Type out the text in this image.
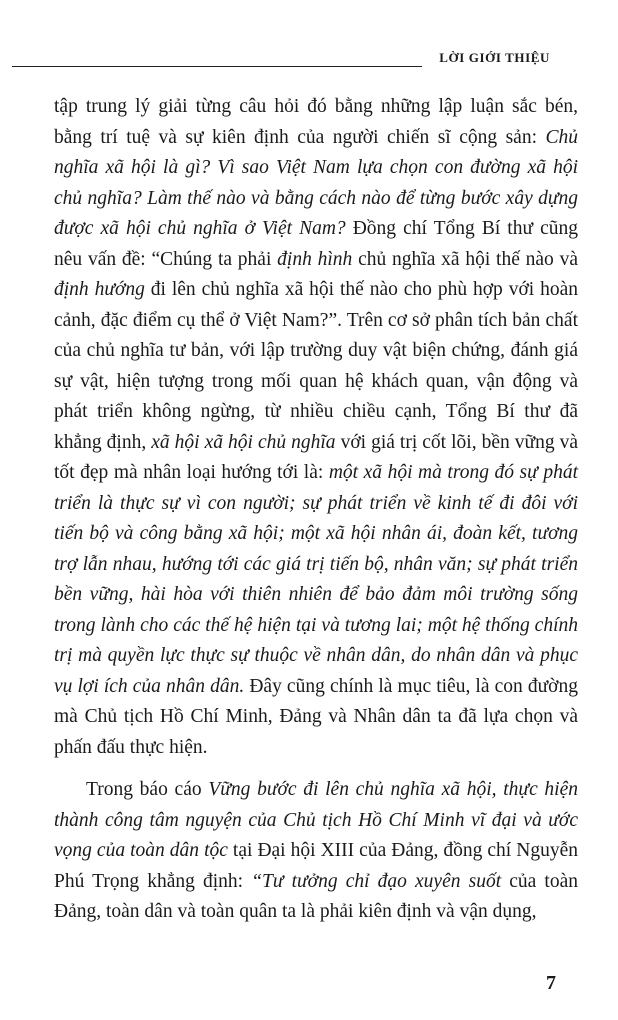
LỜI GIỚI THIỆU

tập trung lý giải từng câu hỏi đó bằng những lập luận sắc bén, bằng trí tuệ và sự kiên định của người chiến sĩ cộng sản: Chủ nghĩa xã hội là gì? Vì sao Việt Nam lựa chọn con đường xã hội chủ nghĩa? Làm thế nào và bằng cách nào để từng bước xây dựng được xã hội chủ nghĩa ở Việt Nam? Đồng chí Tổng Bí thư cũng nêu vấn đề: “Chúng ta phải định hình chủ nghĩa xã hội thế nào và định hướng đi lên chủ nghĩa xã hội thế nào cho phù hợp với hoàn cảnh, đặc điểm cụ thể ở Việt Nam?”. Trên cơ sở phân tích bản chất của chủ nghĩa tư bản, với lập trường duy vật biện chứng, đánh giá sự vật, hiện tượng trong mối quan hệ khách quan, vận động và phát triển không ngừng, từ nhiều chiều cạnh, Tổng Bí thư đã khẳng định, xã hội xã hội chủ nghĩa với giá trị cốt lõi, bền vững và tốt đẹp mà nhân loại hướng tới là: một xã hội mà trong đó sự phát triển là thực sự vì con người; sự phát triển về kinh tế đi đôi với tiến bộ và công bằng xã hội; một xã hội nhân ái, đoàn kết, tương trợ lẫn nhau, hướng tới các giá trị tiến bộ, nhân văn; sự phát triển bền vững, hài hòa với thiên nhiên để bảo đảm môi trường sống trong lành cho các thế hệ hiện tại và tương lai; một hệ thống chính trị mà quyền lực thực sự thuộc về nhân dân, do nhân dân và phục vụ lợi ích của nhân dân. Đây cũng chính là mục tiêu, là con đường mà Chủ tịch Hồ Chí Minh, Đảng và Nhân dân ta đã lựa chọn và phấn đấu thực hiện.

Trong báo cáo Vững bước đi lên chủ nghĩa xã hội, thực hiện thành công tâm nguyện của Chủ tịch Hồ Chí Minh vĩ đại và ước vọng của toàn dân tộc tại Đại hội XIII của Đảng, đồng chí Nguyễn Phú Trọng khẳng định: “Tư tưởng chỉ đạo xuyên suốt của toàn Đảng, toàn dân và toàn quân ta là phải kiên định và vận dụng,

7
